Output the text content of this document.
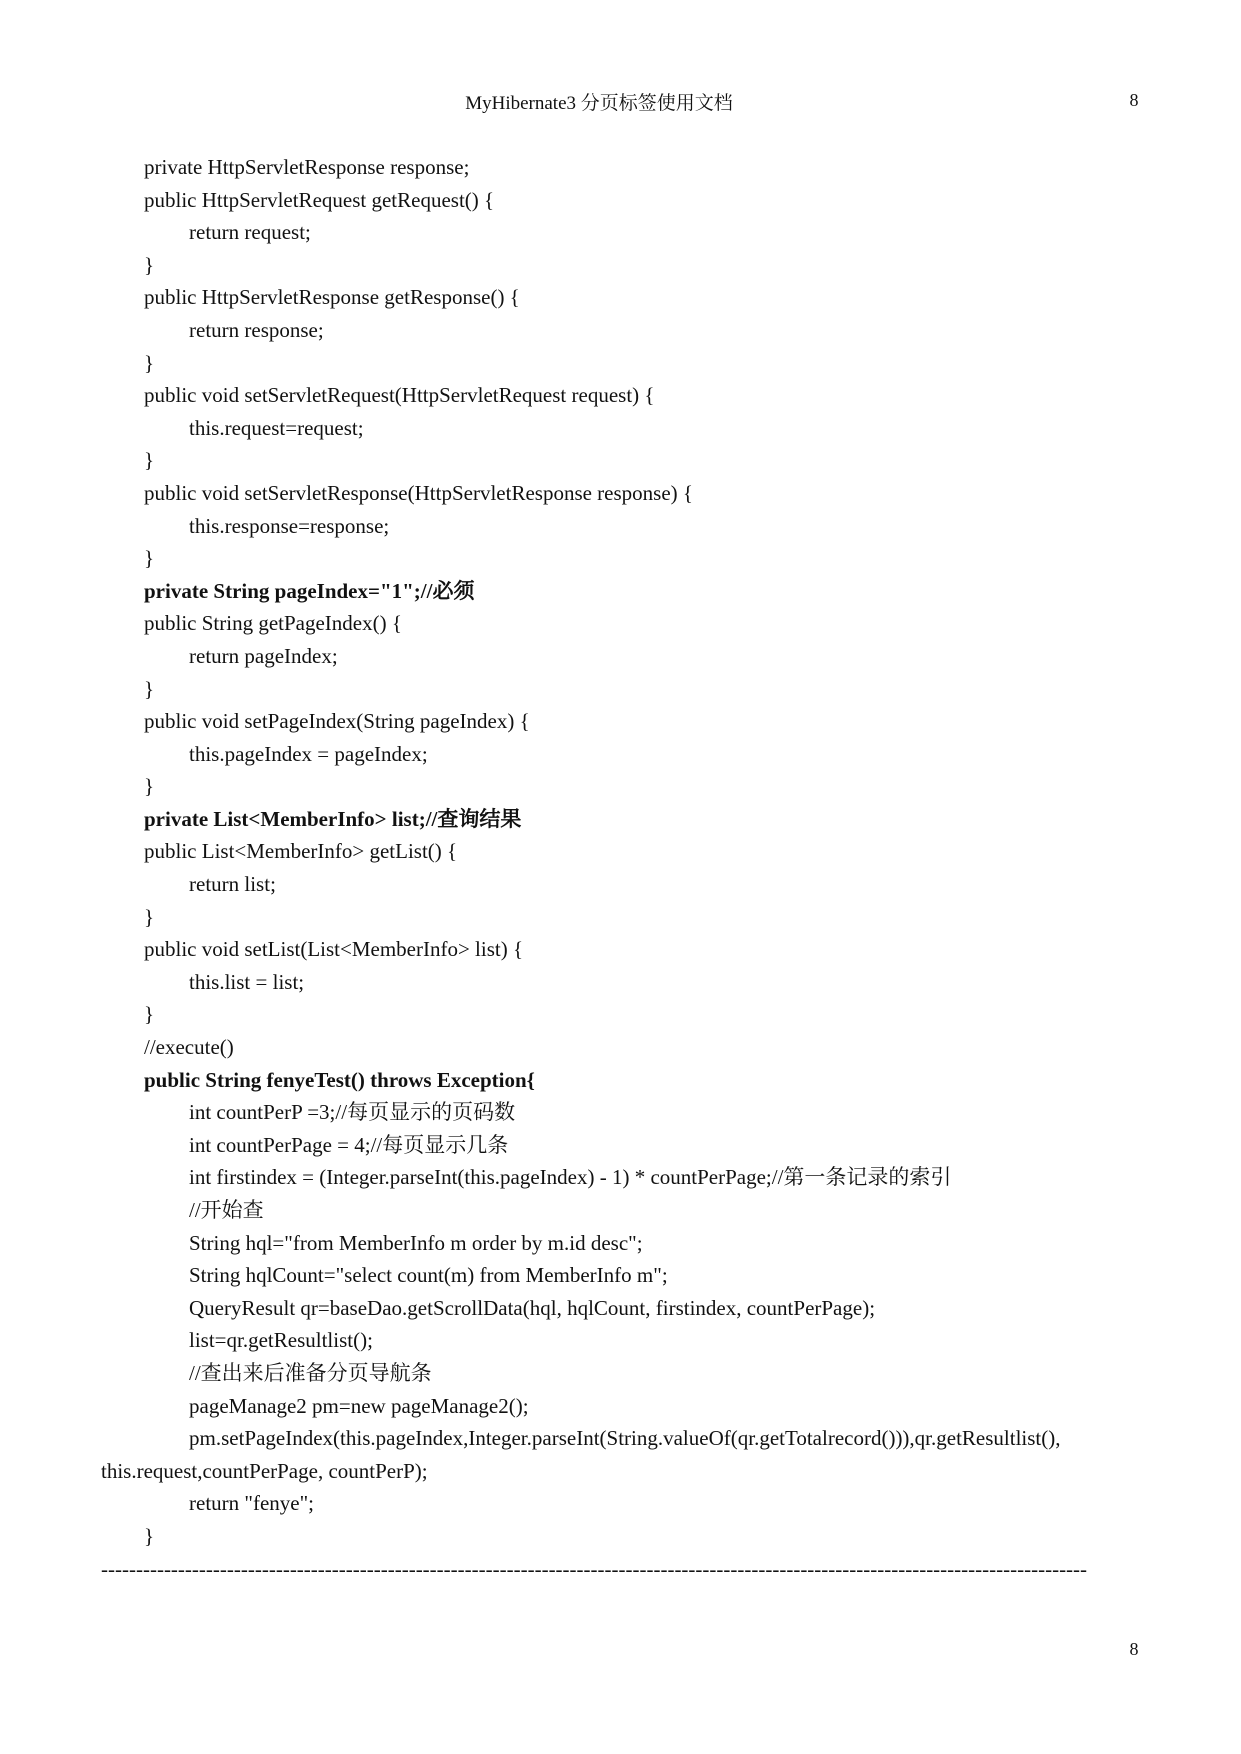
MyHibernate3 分页标签使用文档	8
private HttpServletResponse response;
public HttpServletRequest getRequest() {
return request;
}
public HttpServletResponse getResponse() {
return response;
}
public void setServletRequest(HttpServletRequest request) {
this.request=request;
}
public void setServletResponse(HttpServletResponse response) {
this.response=response;
}
private String pageIndex="1";//必须
public String getPageIndex() {
return pageIndex;
}
public void setPageIndex(String pageIndex) {
this.pageIndex = pageIndex;
}
private List<MemberInfo> list;//查询结果
public List<MemberInfo> getList() {
return list;
}
public void setList(List<MemberInfo> list) {
this.list = list;
}
//execute()
public String fenyeTest() throws Exception{
int countPerP =3;//每页显示的页码数
int countPerPage = 4;//每页显示几条
int firstindex = (Integer.parseInt(this.pageIndex) - 1) * countPerPage;//第一条记录的索引
//开始查
String hql="from MemberInfo m order by m.id desc";
String hqlCount="select count(m) from MemberInfo m";
QueryResult qr=baseDao.getScrollData(hql, hqlCount, firstindex, countPerPage);
list=qr.getResultlist();
//查出来后准备分页导航条
pageManage2 pm=new pageManage2();
pm.setPageIndex(this.pageIndex,Integer.parseInt(String.valueOf(qr.getTotalrecord())),qr.getResultlist(),
this.request,countPerPage, countPerP);
return "fenye";
}
---------------------------------------------------------------------------------------------------------------------------------------------
8
